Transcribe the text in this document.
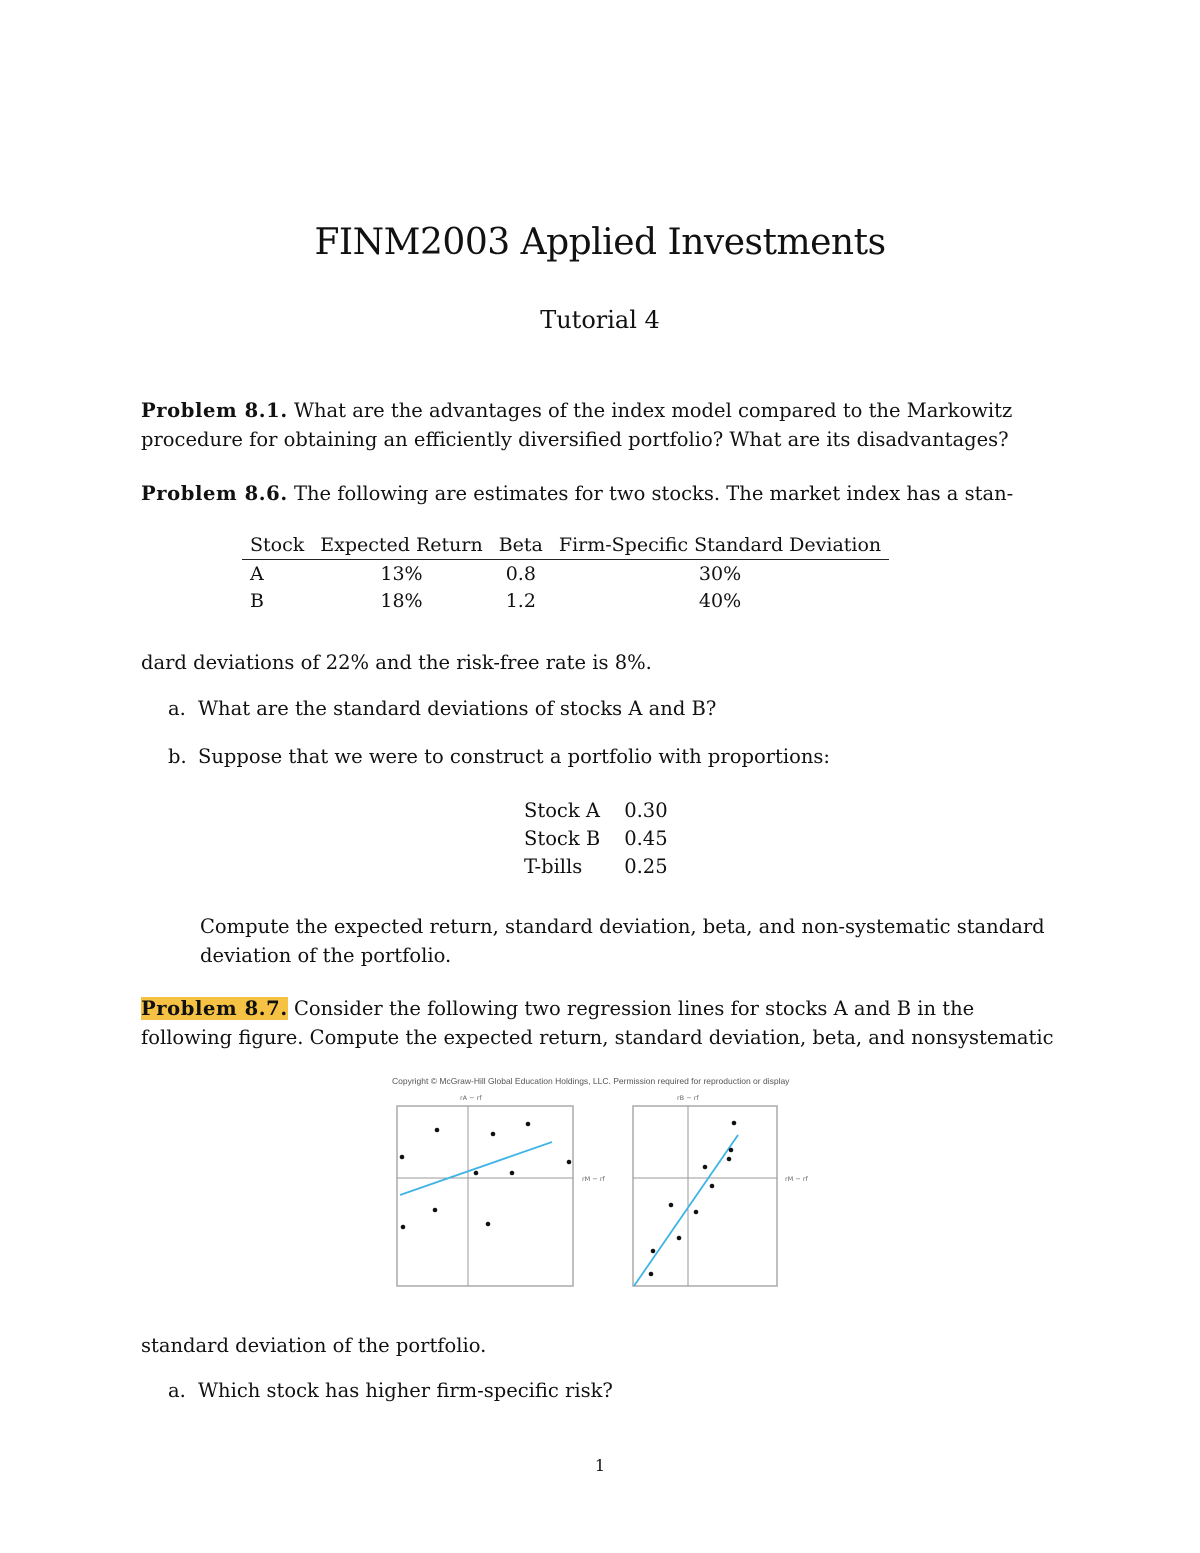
FINM2003 Applied Investments
Tutorial 4
Problem 8.1. What are the advantages of the index model compared to the Markowitz procedure for obtaining an efficiently diversified portfolio? What are its disadvantages?
Problem 8.6. The following are estimates for two stocks. The market index has a stan-
Stock	Expected Return	Beta	Firm-Specific Standard Deviation
A	13%	0.8	30%
B	18%	1.2	40%
dard deviations of 22% and the risk-free rate is 8%.
a. What are the standard deviations of stocks A and B?
b. Suppose that we were to construct a portfolio with proportions:
Stock A	0.30
Stock B	0.45
T-bills	0.25
Compute the expected return, standard deviation, beta, and non-systematic standard deviation of the portfolio.
Problem 8.7. Consider the following two regression lines for stocks A and B in the following figure. Compute the expected return, standard deviation, beta, and nonsystematic
Copyright © McGraw-Hill Global Education Holdings, LLC. Permission required for reproduction or display
rA − rf
rM − rf
rB − rf
rM − rf
standard deviation of the portfolio.
a. Which stock has higher firm-specific risk?
1
